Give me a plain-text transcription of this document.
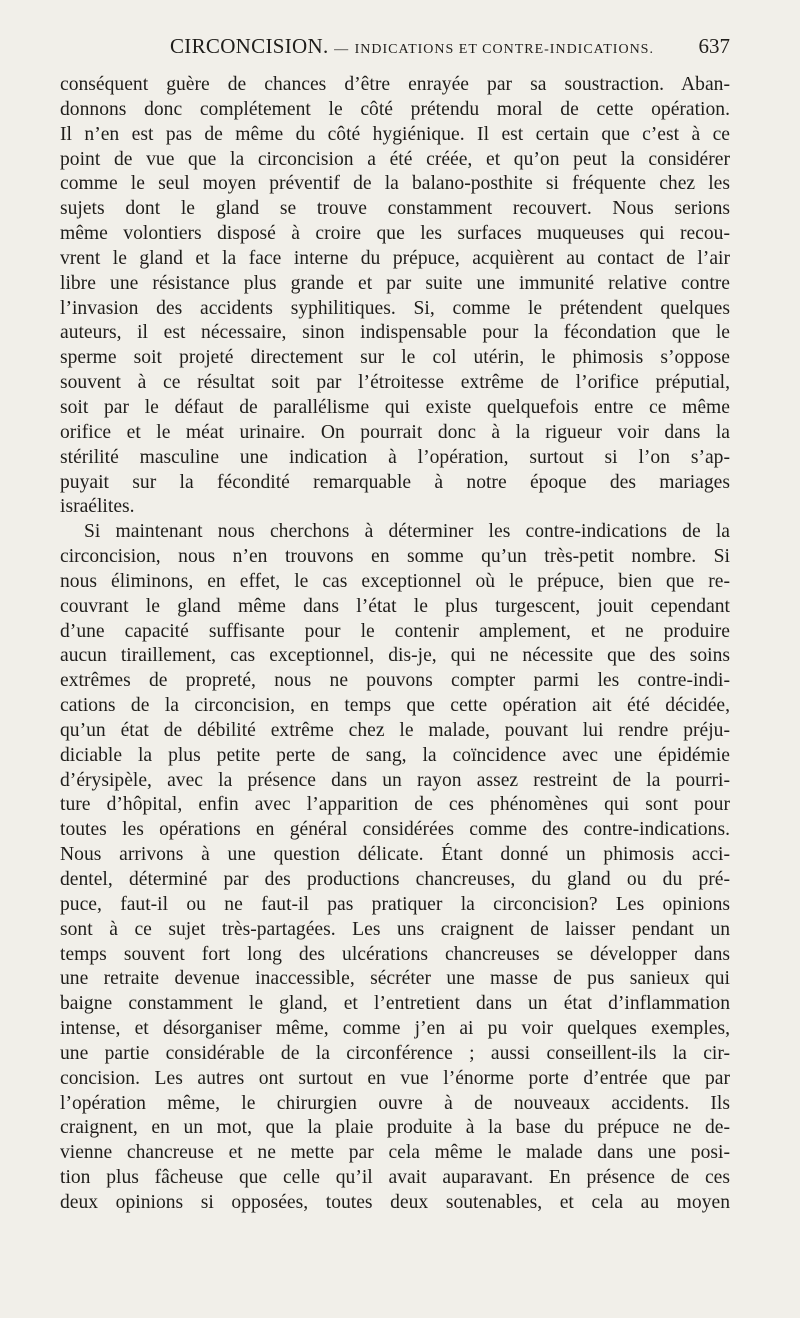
CIRCONCISION. — INDICATIONS ET CONTRE-INDICATIONS. 637
conséquent guère de chances d’être enrayée par sa soustraction. Aban-
donnons donc complétement le côté prétendu moral de cette opération.
Il n’en est pas de même du côté hygiénique. Il est certain que c’est à ce
point de vue que la circoncision a été créée, et qu’on peut la considérer
comme le seul moyen préventif de la balano-posthite si fréquente chez les
sujets dont le gland se trouve constamment recouvert. Nous serions
même volontiers disposé à croire que les surfaces muqueuses qui recou-
vrent le gland et la face interne du prépuce, acquièrent au contact de l’air
libre une résistance plus grande et par suite une immunité relative contre
l’invasion des accidents syphilitiques. Si, comme le prétendent quelques
auteurs, il est nécessaire, sinon indispensable pour la fécondation que le
sperme soit projeté directement sur le col utérin, le phimosis s’oppose
souvent à ce résultat soit par l’étroitesse extrême de l’orifice préputial,
soit par le défaut de parallélisme qui existe quelquefois entre ce même
orifice et le méat urinaire. On pourrait donc à la rigueur voir dans la
stérilité masculine une indication à l’opération, surtout si l’on s’ap-
puyait sur la fécondité remarquable à notre époque des mariages
israélites.
Si maintenant nous cherchons à déterminer les contre-indications de la
circoncision, nous n’en trouvons en somme qu’un très-petit nombre. Si
nous éliminons, en effet, le cas exceptionnel où le prépuce, bien que re-
couvrant le gland même dans l’état le plus turgescent, jouit cependant
d’une capacité suffisante pour le contenir amplement, et ne produire
aucun tiraillement, cas exceptionnel, dis-je, qui ne nécessite que des soins
extrêmes de propreté, nous ne pouvons compter parmi les contre-indi-
cations de la circoncision, en temps que cette opération ait été décidée,
qu’un état de débilité extrême chez le malade, pouvant lui rendre préju-
diciable la plus petite perte de sang, la coïncidence avec une épidémie
d’érysipèle, avec la présence dans un rayon assez restreint de la pourri-
ture d’hôpital, enfin avec l’apparition de ces phénomènes qui sont pour
toutes les opérations en général considérées comme des contre-indications.
Nous arrivons à une question délicate. Étant donné un phimosis acci-
dentel, déterminé par des productions chancreuses, du gland ou du pré-
puce, faut-il ou ne faut-il pas pratiquer la circoncision? Les opinions
sont à ce sujet très-partagées. Les uns craignent de laisser pendant un
temps souvent fort long des ulcérations chancreuses se développer dans
une retraite devenue inaccessible, sécréter une masse de pus sanieux qui
baigne constamment le gland, et l’entretient dans un état d’inflammation
intense, et désorganiser même, comme j’en ai pu voir quelques exemples,
une partie considérable de la circonférence ; aussi conseillent-ils la cir-
concision. Les autres ont surtout en vue l’énorme porte d’entrée que par
l’opération même, le chirurgien ouvre à de nouveaux accidents. Ils
craignent, en un mot, que la plaie produite à la base du prépuce ne de-
vienne chancreuse et ne mette par cela même le malade dans une posi-
tion plus fâcheuse que celle qu’il avait auparavant. En présence de ces
deux opinions si opposées, toutes deux soutenables, et cela au moyen
